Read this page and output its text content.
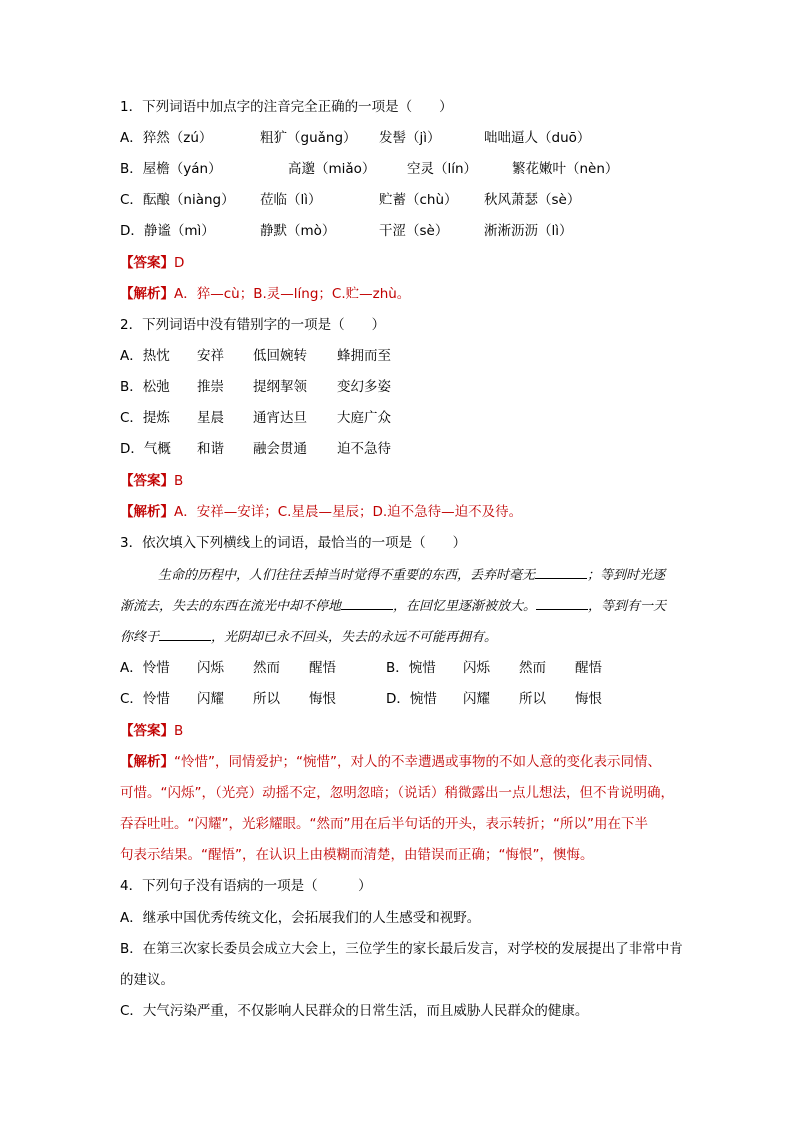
1．下列词语中加点字的注音完全正确的一项是（　　）
A．猝然（zú）	粗犷（guǎng） 发髻（jì）	咄咄逼人（duō）
B．屋檐（yán）	高邈（miǎo） 空灵（lín）	繁花嫩叶（nèn）
C．酝酿（niàng） 莅临（lì）	贮蓄（chù） 秋风萧瑟（sè）
D．静谧（mì）	静默（mò）	干涩（sè）	淅淅沥沥（lì）
【答案】D
【解析】A．猝—cù；B.灵—líng；C.贮—zhù。
2．下列词语中没有错别字的一项是（　　）
A．热忱 安祥 低回婉转 蜂拥而至
B．松弛 推崇 提纲挈领 变幻多姿
C．提炼 星晨 通宵达旦 大庭广众
D．气概 和谐 融会贯通 迫不急待
【答案】B
【解析】A．安祥—安详；C.星晨—星辰；D.迫不急待—迫不及待。
3．依次填入下列横线上的词语，最恰当的一项是（　　）
生命的历程中，人们往往丢掉当时觉得不重要的东西，丢弃时毫无	；等到时光逐
渐流去，失去的东西在流光中却不停地	，在回忆里逐渐被放大。	，等到有一天
你终于	，光阴却已永不回头，失去的永远不可能再拥有。
A．怜惜 闪烁 然而 醒悟	B．惋惜 闪烁 然而 醒悟
C．怜惜 闪耀 所以 悔恨	D．惋惜 闪耀 所以 悔恨
【答案】B
【解析】“怜惜”，同情爱护；“惋惜”，对人的不幸遭遇或事物的不如人意的变化表示同情、
可惜。“闪烁”，（光亮）动摇不定，忽明忽暗；（说话）稍微露出一点儿想法，但不肯说明确，
吞吞吐吐。“闪耀”，光彩耀眼。“然而”用在后半句话的开头，表示转折；“所以”用在下半
句表示结果。“醒悟”，在认识上由模糊而清楚，由错误而正确；“悔恨”，懊悔。
4．下列句子没有语病的一项是（　　　）
A．继承中国优秀传统文化，会拓展我们的人生感受和视野。
B．在第三次家长委员会成立大会上，三位学生的家长最后发言，对学校的发展提出了非常中肯
的建议。
C．大气污染严重，不仅影响人民群众的日常生活，而且威胁人民群众的健康。
